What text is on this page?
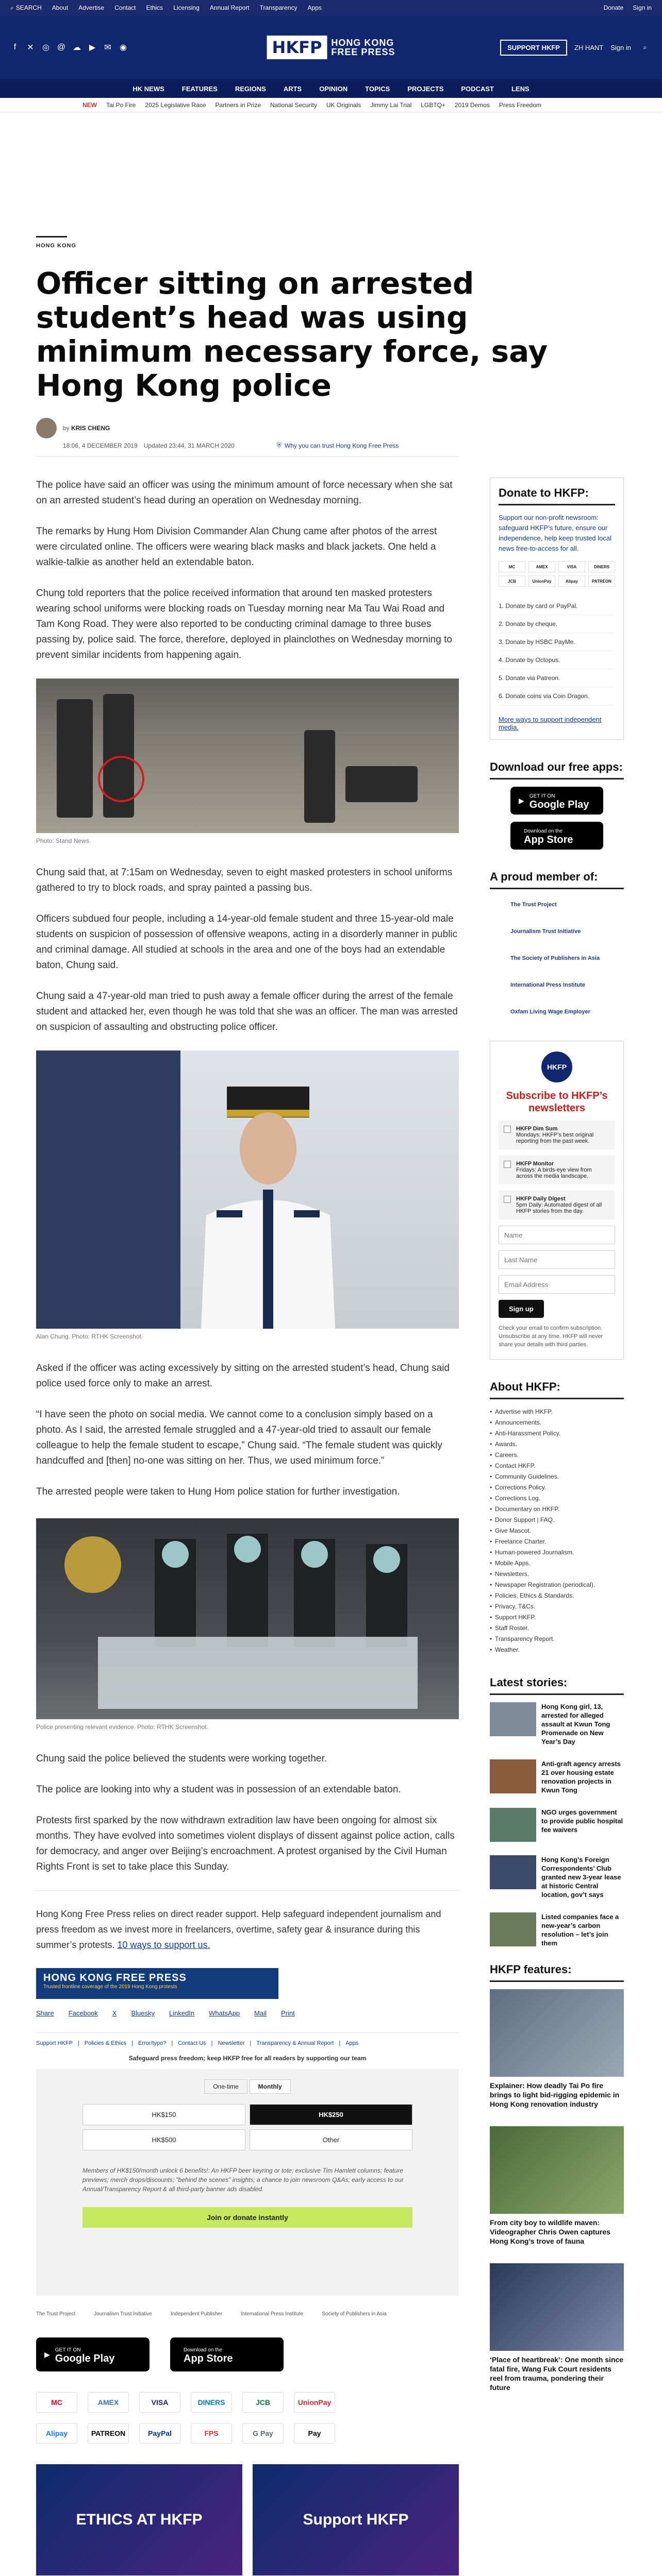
⌕ SEARCH About Advertise Contact Ethics Licensing Annual Report Transparency Apps	Donate Sign in
f	✕ ◎ @ ☁ ▶ ✉ ◉	HKFP	HONG KONG
FREE PRESS	SUPPORT HKFP	ZH HANT Sign in	⌕
HK NEWS	FEATURES	REGIONS	ARTS	OPINION	TOPICS	PROJECTS	PODCAST	LENS
NEW Tai Po Fire 2025 Legislative Race Partners in Prize National Security UK Originals Jimmy Lai Trial LGBTQ+ 2019 Demos Press Freedom
HONG KONG
Officer sitting on arrested student’s head was using minimum necessary force, say Hong Kong police
by KRIS CHENG
18:06, 4 DECEMBER 2019 Updated 23:44, 31 MARCH 2020	⛨ Why you can trust Hong Kong Free Press

The police have said an officer was using the minimum amount of force necessary when she sat on an arrested student’s head during an operation on Wednesday morning.

The remarks by Hung Hom Division Commander Alan Chung came after photos of the arrest were circulated online. The officers were wearing black masks and black jackets. One held a walkie-talkie as another held an extendable baton.

Chung told reporters that the police received information that around ten masked protesters wearing school uniforms were blocking roads on Tuesday morning near Ma Tau Wai Road and Tam Kong Road. They were also reported to be conducting criminal damage to three buses passing by, police said. The force, therefore, deployed in plainclothes on Wednesday morning to prevent similar incidents from happening again.

Photo: Stand News.

Chung said that, at 7:15am on Wednesday, seven to eight masked protesters in school uniforms gathered to try to block roads, and spray painted a passing bus.

Officers subdued four people, including a 14-year-old female student and three 15-year-old male students on suspicion of possession of offensive weapons, acting in a disorderly manner in public and criminal damage. All studied at schools in the area and one of the boys had an extendable baton, Chung said.

Chung said a 47-year-old man tried to push away a female officer during the arrest of the female student and attacked her, even though he was told that she was an officer. The man was arrested on suspicion of assaulting and obstructing police officer.

Alan Chung. Photo: RTHK Screenshot.

Asked if the officer was acting excessively by sitting on the arrested student’s head, Chung said police used force only to make an arrest.

“I have seen the photo on social media. We cannot come to a conclusion simply based on a photo. As I said, the arrested female struggled and a 47-year-old tried to assault our female colleague to help the female student to escape,” Chung said. “The female student was quickly handcuffed and [then] no-one was sitting on her. Thus, we used minimum force.”

The arrested people were taken to Hung Hom police station for further investigation.

Police presenting relevant evidence. Photo: RTHK Screenshot.

Chung said the police believed the students were working together.

The police are looking into why a student was in possession of an extendable baton.

Protests first sparked by the now withdrawn extradition law have been ongoing for almost six months. They have evolved into sometimes violent displays of dissent against police action, calls for democracy, and anger over Beijing’s encroachment. A protest organised by the Civil Human Rights Front is set to take place this Sunday.

Hong Kong Free Press relies on direct reader support. Help safeguard independent journalism and press freedom as we invest more in freelancers, overtime, safety gear & insurance during this summer’s protests. 10 ways to support us.
HONG KONG FREE PRESS
Trusted frontline coverage of the 2019 Hong Kong protests
Share Facebook X Bluesky LinkedIn WhatsApp Mail Print
Support HKFP | Policies & Ethics | Error/typo? | Contact Us | Newsletter | Transparency & Annual Report | Apps
Safeguard press freedom; keep HKFP free for all readers by supporting our team
One-time	Monthly
HK$150	HK$250
HK$500	Other
Members of HK$150/month unlock 6 benefits!: An HKFP beer keyring or tote; exclusive Tim Hamlett columns; feature previews; merch drops/discounts; "behind the scenes" insights; a chance to join newsroom Q&As; early access to our Annual/Transparency Report & all third-party banner ads disabled.
Join or donate instantly
The Trust Project	Journalism Trust Initiative	Independent Publisher	International Press Institute	Society of Publishers in Asia
▶
GET IT ON
Google Play
Download on the
App Store
MC	AMEX	VISA	DINERS	JCB	UnionPay
Alipay	PATREON	PayPal	FPS	G Pay	Pay
ETHICS AT HKFP	Support HKFP
Donate to HKFP:
Support our non-profit newsroom: safeguard HKFP’s future, ensure our independence, help keep trusted local news free-to-access for all.
MC	AMEX	VISA	DINERS
JCB	UnionPay	Alipay	PATREON
1. Donate by card or PayPal.
2. Donate by cheque.
3. Donate by HSBC PayMe.
4. Donate by Octopus.
5. Donate via Patreon.
6. Donate coins via Coin Dragon.
More ways to support independent media.
Download our free apps:
▶
GET IT ON
Google Play
Download on the
App Store
A proud member of:
The Trust Project
Journalism Trust Initiative
The Society of Publishers in Asia
International Press Institute
Oxfam Living Wage Employer
HKFP
Subscribe to HKFP’s newsletters
HKFP Dim Sum
Mondays: HKFP’s best original reporting from the past week.
HKFP Monitor
Fridays: A birds-eye view from across the media landscape.
HKFP Daily Digest
5pm Daily: Automated digest of all HKFP stories from the day.
Name Last Name Email Address Sign up
Check your email to confirm subscription. Unsubscribe at any time. HKFP will never share your details with third parties.
About HKFP:
• Advertise with HKFP.
• Announcements.
• Anti-Harassment Policy.
• Awards.
• Careers.
• Contact HKFP.
• Community Guidelines.
• Corrections Policy.
• Corrections Log.
• Documentary on HKFP.
• Donor Support | FAQ.
• Give Mascot.
• Freelance Charter.
• Human-powered Journalism.
• Mobile Apps.
• Newsletters.
• Newspaper Registration (periodical).
• Policies, Ethics & Standards.
• Privacy, T&Cs.
• Support HKFP.
• Staff Roster.
• Transparency Report.
• Weather.
Latest stories:
Hong Kong girl, 13, arrested for alleged assault at Kwun Tong Promenade on New Year’s Day
Anti-graft agency arrests 21 over housing estate renovation projects in Kwun Tong
NGO urges government to provide public hospital fee waivers
Hong Kong’s Foreign Correspondents’ Club granted new 3-year lease at historic Central location, gov’t says
Listed companies face a new-year’s carbon resolution – let’s join them
HKFP features:
Explainer: How deadly Tai Po fire brings to light bid-rigging epidemic in Hong Kong renovation industry
From city boy to wildlife maven: Videographer Chris Owen captures Hong Kong’s trove of fauna
‘Place of heartbreak’: One month since fatal fire, Wang Fuk Court residents reel from trauma, pondering their future
